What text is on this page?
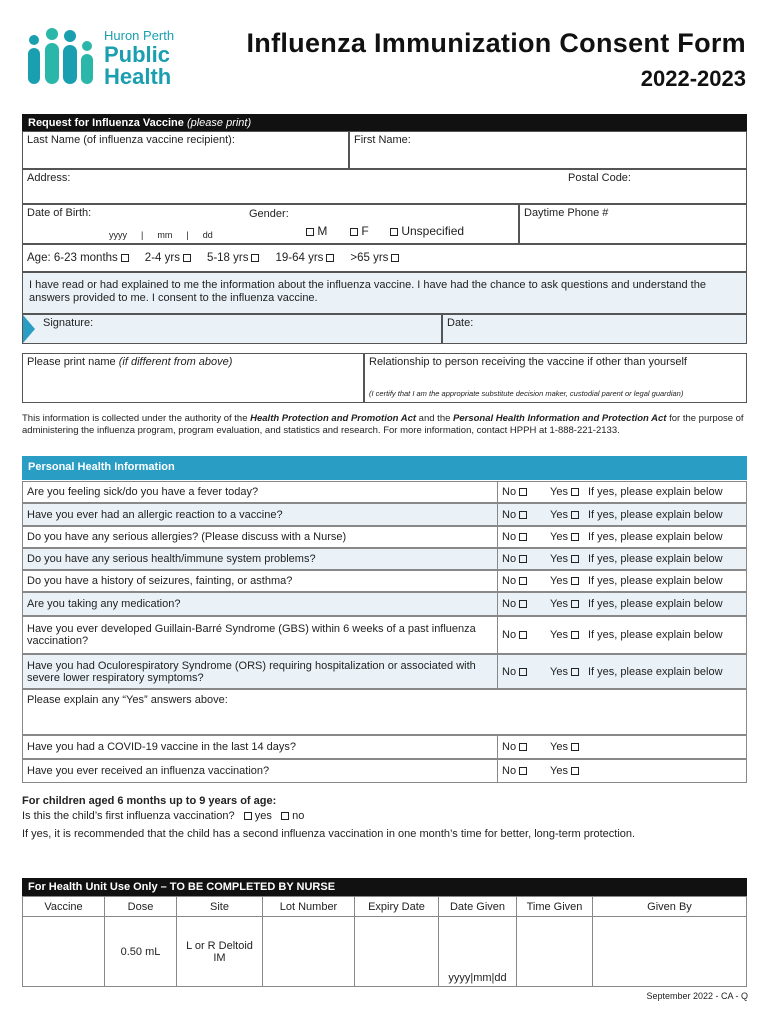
Huron Perth
Public
Health
Influenza Immunization Consent Form
2022-2023
Request for Influenza Vaccine (please print)
Last Name (of influenza vaccine recipient):	First Name:
Address:	Postal Code:
Date of Birth:
yyyy | mm | dd
Gender:
M	F	Unspecified
Daytime Phone #
Age:
6-23 months
	2-4 yrs
	5-18 yrs
	19-64 yrs
	>65 yrs
I have read or had explained to me the information about the influenza vaccine. I have had the chance to ask questions and understand the answers provided to me. I consent to the influenza vaccine.
Signature:	Date:
Please print name (if different from above)	Relationship to person receiving the vaccine if other than yourself
(I certify that I am the appropriate substitute decision maker, custodial parent or legal guardian)
This information is collected under the authority of the Health Protection and Promotion Act and the Personal Health Information and Protection Act for the purpose of administering the influenza program, program evaluation, and statistics and research. For more information, contact HPPH at 1-888-221-2133.
Personal Health Information
Are you feeling sick/do you have a fever today?	No	Yes If yes, please explain below
Have you ever had an allergic reaction to a vaccine?	No	Yes If yes, please explain below
Do you have any serious allergies? (Please discuss with a Nurse)	No	Yes If yes, please explain below
Do you have any serious health/immune system problems?	No	Yes If yes, please explain below
Do you have a history of seizures, fainting, or asthma?	No	Yes If yes, please explain below
Are you taking any medication?	No	Yes If yes, please explain below
Have you ever developed Guillain-Barré Syndrome (GBS) within 6 weeks of a past influenza vaccination?	No	Yes If yes, please explain below
Have you had Oculorespiratory Syndrome (ORS) requiring hospitalization or associated with severe lower respiratory symptoms?	No	Yes If yes, please explain below
Please explain any “Yes” answers above:
Have you had a COVID-19 vaccine in the last 14 days?	No	Yes
Have you ever received an influenza vaccination?	No	Yes
For children aged 6 months up to 9 years of age:
Is this the child’s first influenza vaccination? yes no
If yes, it is recommended that the child has a second influenza vaccination in one month’s time for better, long-term protection.
For Health Unit Use Only – TO BE COMPLETED BY NURSE
Vaccine	Dose	Site	Lot Number	Expiry Date	Date Given	Time Given	Given By
	0.50 mL	L or R Deltoid
IM			yyyy|mm|dd		
September 2022 - CA - Q
